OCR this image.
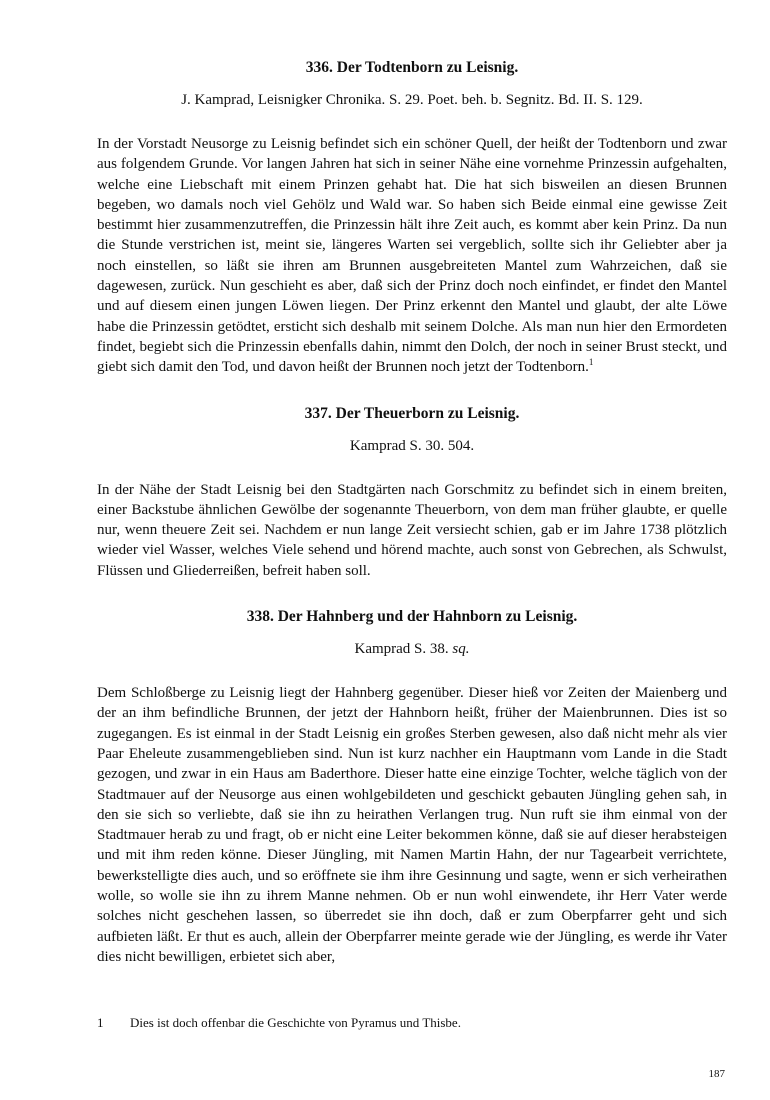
336. Der Todtenborn zu Leisnig.

J. Kamprad, Leisnigker Chronika. S. 29. Poet. beh. b. Segnitz. Bd. II. S. 129.

In der Vorstadt Neusorge zu Leisnig befindet sich ein schöner Quell, der heißt der Todtenborn und zwar aus folgendem Grunde. Vor langen Jahren hat sich in seiner Nähe eine vornehme Prinzessin aufgehalten, welche eine Liebschaft mit einem Prinzen gehabt hat. Die hat sich bisweilen an diesen Brunnen begeben, wo damals noch viel Gehölz und Wald war. So haben sich Beide einmal eine gewisse Zeit bestimmt hier zusammenzutreffen, die Prinzessin hält ihre Zeit auch, es kommt aber kein Prinz. Da nun die Stunde verstrichen ist, meint sie, längeres Warten sei vergeblich, sollte sich ihr Geliebter aber ja noch einstellen, so läßt sie ihren am Brunnen ausgebreiteten Mantel zum Wahrzeichen, daß sie dagewesen, zurück. Nun geschieht es aber, daß sich der Prinz doch noch einfindet, er findet den Mantel und auf diesem einen jungen Löwen liegen. Der Prinz erkennt den Mantel und glaubt, der alte Löwe habe die Prinzessin getödtet, ersticht sich deshalb mit seinem Dolche. Als man nun hier den Ermordeten findet, begiebt sich die Prinzessin ebenfalls dahin, nimmt den Dolch, der noch in seiner Brust steckt, und giebt sich damit den Tod, und davon heißt der Brunnen noch jetzt der Todtenborn.$^1$

337. Der Theuerborn zu Leisnig.

Kamprad S. 30. 504.

In der Nähe der Stadt Leisnig bei den Stadtgärten nach Gorschmitz zu befindet sich in einem breiten, einer Backstube ähnlichen Gewölbe der sogenannte Theuerborn, von dem man früher glaubte, er quelle nur, wenn theuere Zeit sei. Nachdem er nun lange Zeit versiecht schien, gab er im Jahre 1738 plötzlich wieder viel Wasser, welches Viele sehend und hörend machte, auch sonst von Gebrechen, als Schwulst, Flüssen und Gliederreißen, befreit haben soll.

338. Der Hahnberg und der Hahnborn zu Leisnig.

Kamprad S. 38. sq.

Dem Schloßberge zu Leisnig liegt der Hahnberg gegenüber. Dieser hieß vor Zeiten der Maienberg und der an ihm befindliche Brunnen, der jetzt der Hahnborn heißt, früher der Maienbrunnen. Dies ist so zugegangen. Es ist einmal in der Stadt Leisnig ein großes Sterben gewesen, also daß nicht mehr als vier Paar Eheleute zusammengeblieben sind. Nun ist kurz nachher ein Hauptmann vom Lande in die Stadt gezogen, und zwar in ein Haus am Baderthore. Dieser hatte eine einzige Tochter, welche täglich von der Stadtmauer auf der Neusorge aus einen wohlgebildeten und geschickt gebauten Jüngling gehen sah, in den sie sich so verliebte, daß sie ihn zu heirathen Verlangen trug. Nun ruft sie ihm einmal von der Stadtmauer herab zu und fragt, ob er nicht eine Leiter bekommen könne, daß sie auf dieser herabsteigen und mit ihm reden könne. Dieser Jüngling, mit Namen Martin Hahn, der nur Tagearbeit verrichtete, bewerkstelligte dies auch, und so eröffnete sie ihm ihre Gesinnung und sagte, wenn er sich verheirathen wolle, so wolle sie ihn zu ihrem Manne nehmen. Ob er nun wohl einwendete, ihr Herr Vater werde solches nicht geschehen lassen, so überredet sie ihn doch, daß er zum Oberpfarrer geht und sich aufbieten läßt. Er thut es auch, allein der Oberpfarrer meinte gerade wie der Jüngling, es werde ihr Vater dies nicht bewilligen, erbietet sich aber,

1	Dies ist doch offenbar die Geschichte von Pyramus und Thisbe.
187
